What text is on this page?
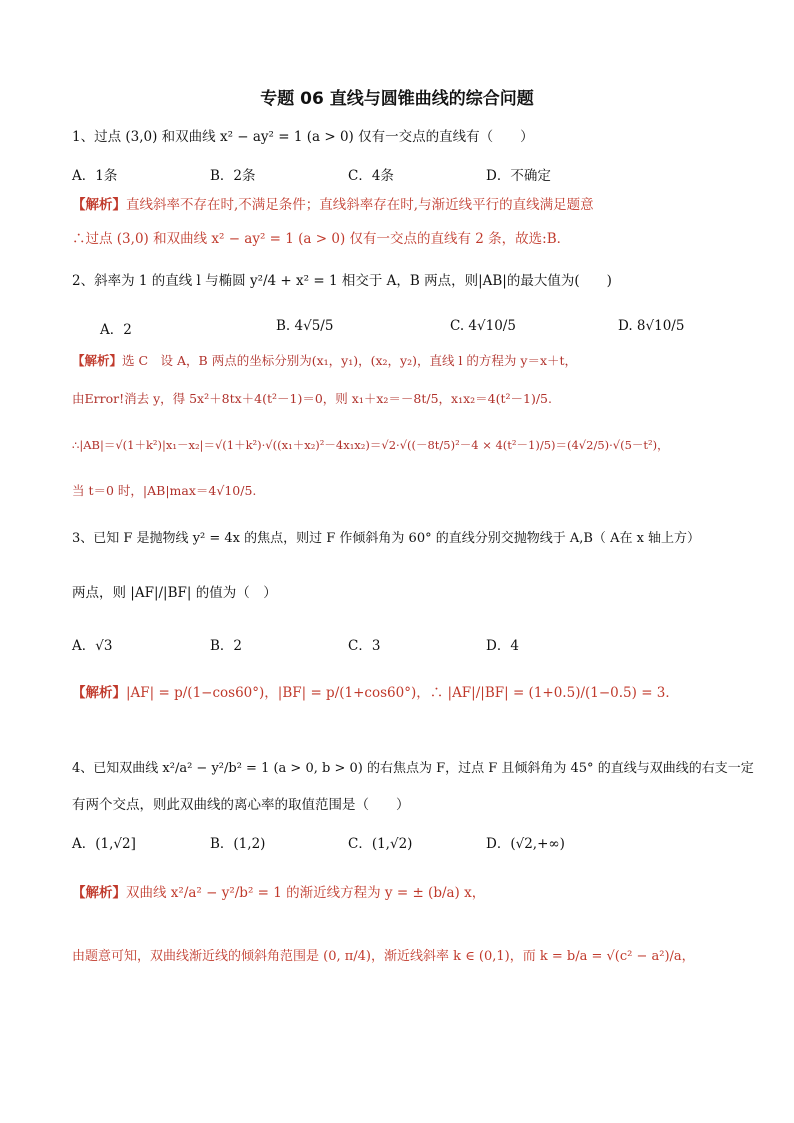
专题 06 直线与圆锥曲线的综合问题
1、过点 (3,0) 和双曲线 x² − ay² = 1 (a > 0) 仅有一交点的直线有（　　）
A．1条	B．2条	C．4条	D．不确定
【解析】直线斜率不存在时,不满足条件；直线斜率存在时,与渐近线平行的直线满足题意
∴过点 (3,0) 和双曲线 x² − ay² = 1 (a > 0) 仅有一交点的直线有 2 条，故选:B．
2、斜率为 1 的直线 l 与椭圆 y²/4 + x² = 1 相交于 A，B 两点，则|AB|的最大值为(　　)
A．2	B. 4√5/5	C. 4√10/5	D. 8√10/5
【解析】选 C　设 A，B 两点的坐标分别为(x₁，y₁)，(x₂，y₂)，直线 l 的方程为 y＝x＋t，
由Error!消去 y，得 5x²＋8tx＋4(t²－1)＝0，则 x₁＋x₂＝－8t/5，x₁x₂＝4(t²－1)/5.
∴|AB|＝√(1＋k²)|x₁－x₂|＝√(1＋k²)·√((x₁＋x₂)²－4x₁x₂)＝√2·√((－8t/5)²－4 × 4(t²－1)/5)＝(4√2/5)·√(5－t²)，
当 t＝0 时，|AB|max＝4√10/5.
3、已知 F 是抛物线 y² = 4x 的焦点，则过 F 作倾斜角为 60° 的直线分别交抛物线于 A,B（ A在 x 轴上方）
两点，则 |AF|/|BF| 的值为（　）
A．√3	B．2	C．3	D．4
【解析】|AF| = p/(1−cos60°)，|BF| = p/(1+cos60°)，∴ |AF|/|BF| = (1+0.5)/(1−0.5) = 3．
4、已知双曲线 x²/a² − y²/b² = 1 (a > 0, b > 0) 的右焦点为 F，过点 F 且倾斜角为 45° 的直线与双曲线的右支一定
有两个交点，则此双曲线的离心率的取值范围是（　　）
A．(1,√2]	B．(1,2)	C．(1,√2)	D．(√2,+∞)
【解析】双曲线 x²/a² − y²/b² = 1 的渐近线方程为 y = ± (b/a) x，
由题意可知，双曲线渐近线的倾斜角范围是 (0, π/4)，渐近线斜率 k ∈ (0,1)，而 k = b/a = √(c² − a²)/a，
